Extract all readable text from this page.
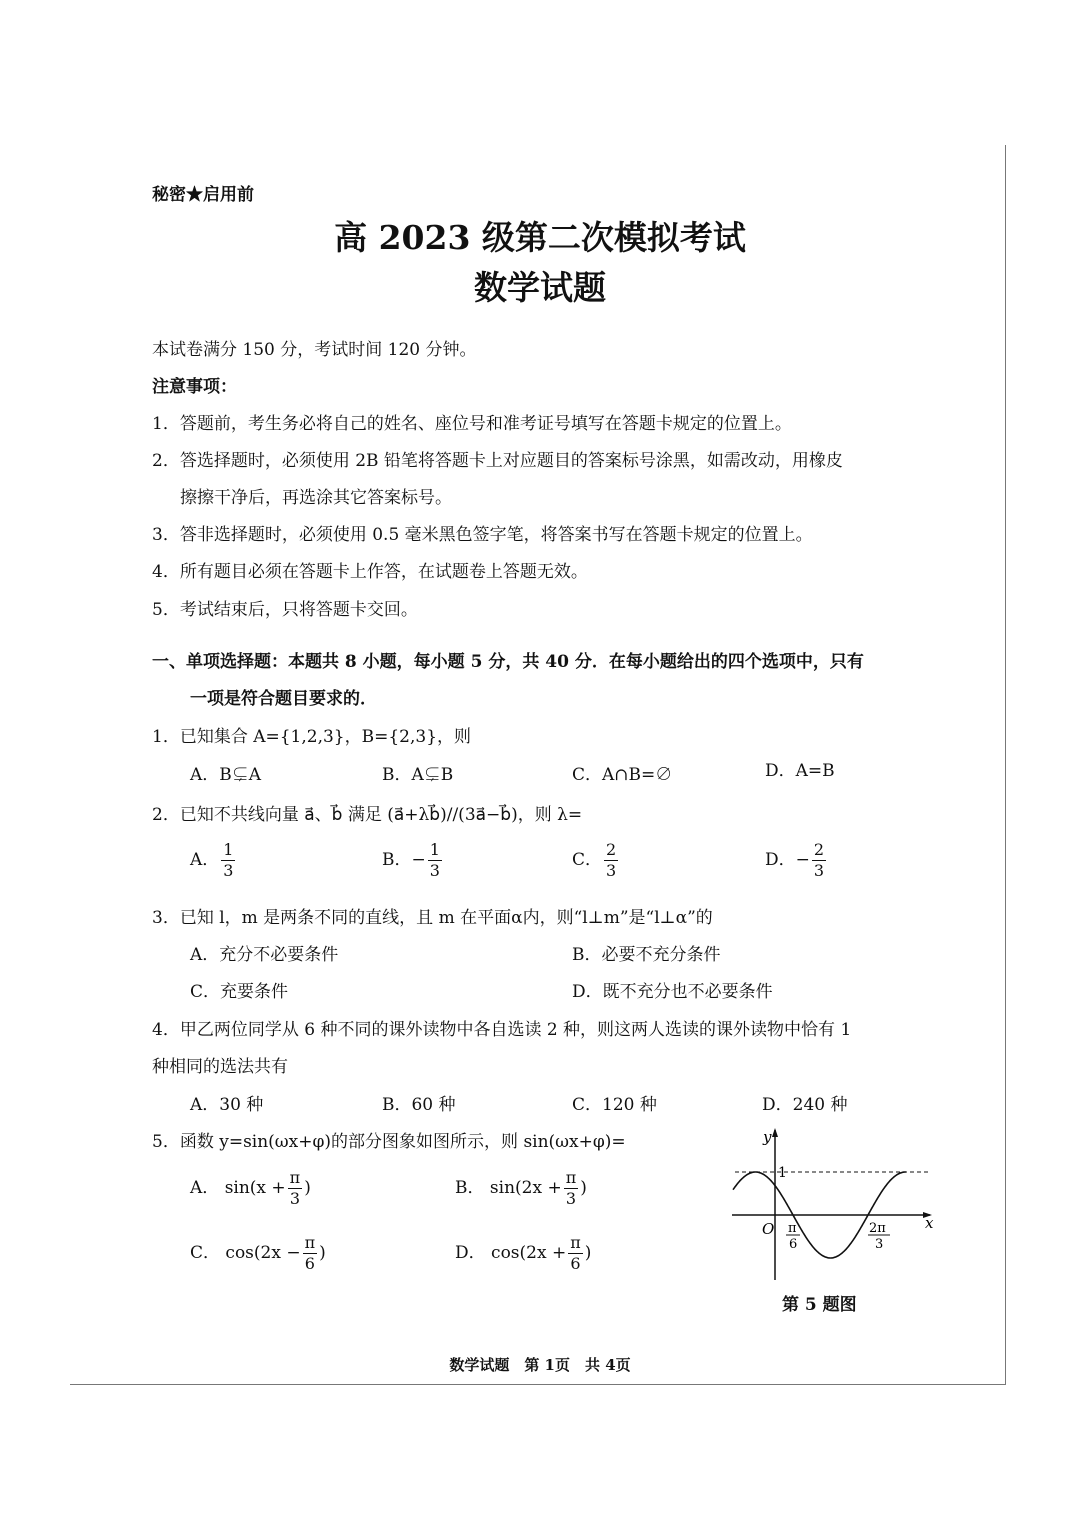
秘密★启用前
高 2023 级第二次模拟考试
数学试题
本试卷满分 150 分，考试时间 120 分钟。
注意事项：
1．答题前，考生务必将自己的姓名、座位号和准考证号填写在答题卡规定的位置上。
2．答选择题时，必须使用 2B 铅笔将答题卡上对应题目的答案标号涂黑，如需改动，用橡皮
擦擦干净后，再选涂其它答案标号。
3．答非选择题时，必须使用 0.5 毫米黑色签字笔，将答案书写在答题卡规定的位置上。
4．所有题目必须在答题卡上作答，在试题卷上答题无效。
5．考试结束后，只将答题卡交回。
一、单项选择题：本题共 8 小题，每小题 5 分，共 40 分．在每小题给出的四个选项中，只有
一项是符合题目要求的．
1．已知集合 A={1,2,3}，B={2,3}，则
A．B⊊A	B．A⊊B	C．A∩B=∅	D．A=B
2．已知不共线向量 a⃗、b⃗ 满足 (a⃗+λb⃗)//(3a⃗−b⃗)，则 λ=
A． $\frac{1}{3}$	B．− $\frac{1}{3}$	C． $\frac{2}{3}$	D．− $\frac{2}{3}$
3．已知 l，m 是两条不同的直线，且 m 在平面α内，则“l⊥m”是“l⊥α”的
A．充分不必要条件	B．必要不充分条件
C．充要条件	D．既不充分也不必要条件
4．甲乙两位同学从 6 种不同的课外读物中各自选读 2 种，则这两人选读的课外读物中恰有 1
种相同的选法共有
A．30 种	B．60 种	C．120 种	D．240 种
5．函数 y=sin(ωx+φ)的部分图象如图所示，则 sin(ωx+φ)=
A． $\sin(x + \frac{\pi}{3}$ )	B． $\sin(2x + \frac{\pi}{3}$ )
C． $\cos(2x - \frac{\pi}{6}$ )	D． $\cos(2x + \frac{\pi}{6}$ )
y
x
O
1
π
6
2π
3
第 5 题图
数学试题　第 1页　共 4页
